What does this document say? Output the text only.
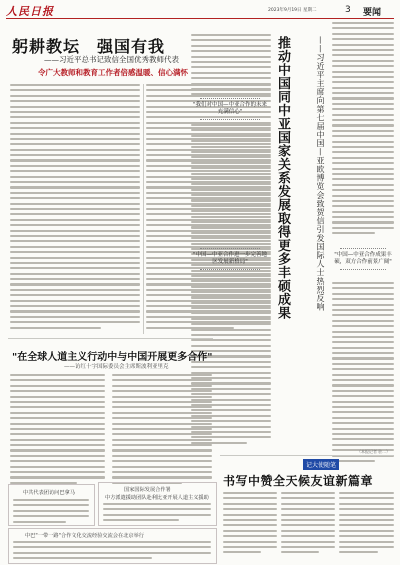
人民日报	2023年9月19日 星期二	3 要闻
躬耕教坛　强国有我
——习近平总书记致信全国优秀教师代表
令广大教师和教育工作者倍感温暖、信心满怀	推动中国同中亚国家关系发展取得更多丰硕成果	——习近平主席向第七届中国—亚欧博览会致贺信引发国际人士热烈反响
"我们对中国—中亚合作的未来充满信心"
"中国—中亚合作进一步完善地区发展新格局"
"中国—中亚合作成果丰硕，双方合作前景广阔"
（本报记者 驻...）
"在全球人道主义行动中与中国开展更多合作"
——访红十字国际委员会主席斯波利亚里克
中共代表团访问巴拿马	国家国际发展合作署
中方派遣援助团队赴利比亚开展人道主义援助
中巴"一带一路"合作文化交流经验交流会在北京举行
记大使随笔
书写中赞全天候友谊新篇章
